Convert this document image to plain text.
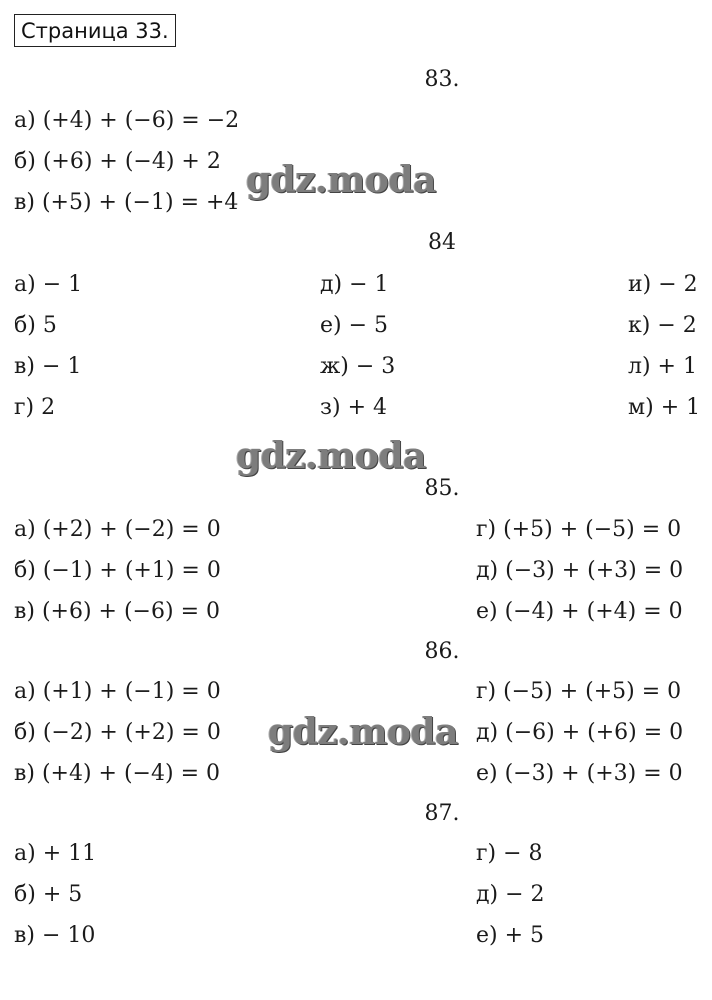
Страница 33.
83.
а) (+4) + (−6) = −2
б) (+6) + (−4) + 2
в) (+5) + (−1) = +4
84
а) − 1
б) 5
в) − 1
г) 2
д) − 1
е) − 5
ж) − 3
з) + 4
и) − 2
к) − 2
л) + 1
м) + 1
85.
а) (+2) + (−2) = 0
б) (−1) + (+1) = 0
в) (+6) + (−6) = 0
г) (+5) + (−5) = 0
д) (−3) + (+3) = 0
е) (−4) + (+4) = 0
86.
а) (+1) + (−1) = 0
б) (−2) + (+2) = 0
в) (+4) + (−4) = 0
г) (−5) + (+5) = 0
д) (−6) + (+6) = 0
е) (−3) + (+3) = 0
87.
а) + 11
б) + 5
в) − 10
г) − 8
д) − 2
е) + 5
gdz.moda
gdz.moda
gdz.moda
